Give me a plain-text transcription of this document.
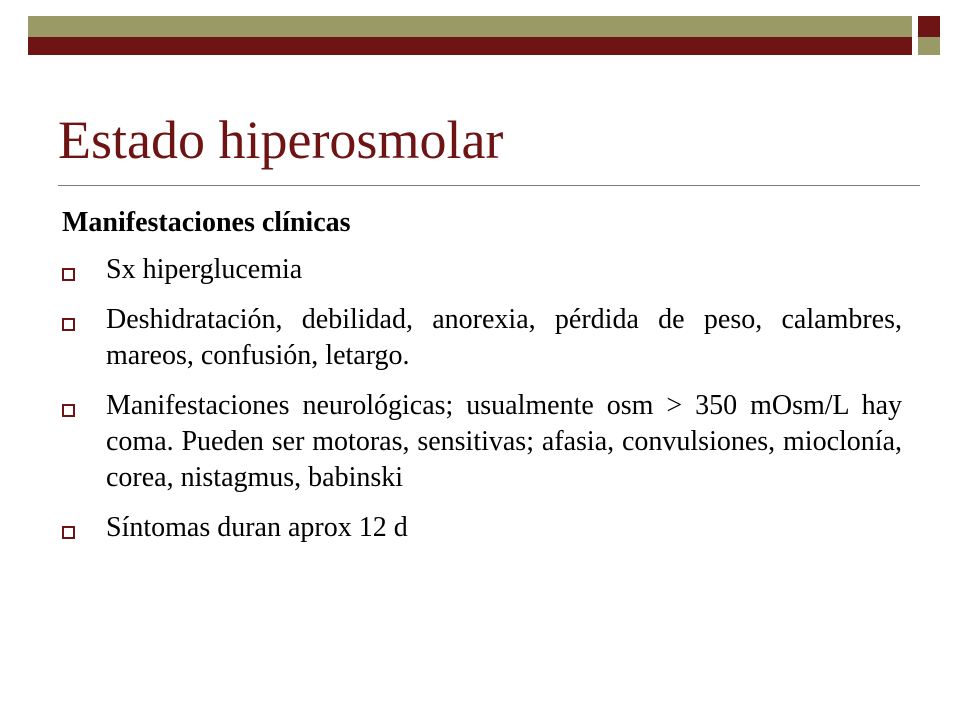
Estado hiperosmolar
Manifestaciones clínicas
Sx hiperglucemia
Deshidratación, debilidad, anorexia, pérdida de peso, calambres, mareos, confusión, letargo.
Manifestaciones neurológicas; usualmente osm > 350 mOsm/L hay coma. Pueden ser motoras, sensitivas; afasia, convulsiones, mioclonía, corea, nistagmus, babinski
Síntomas duran aprox 12 d
